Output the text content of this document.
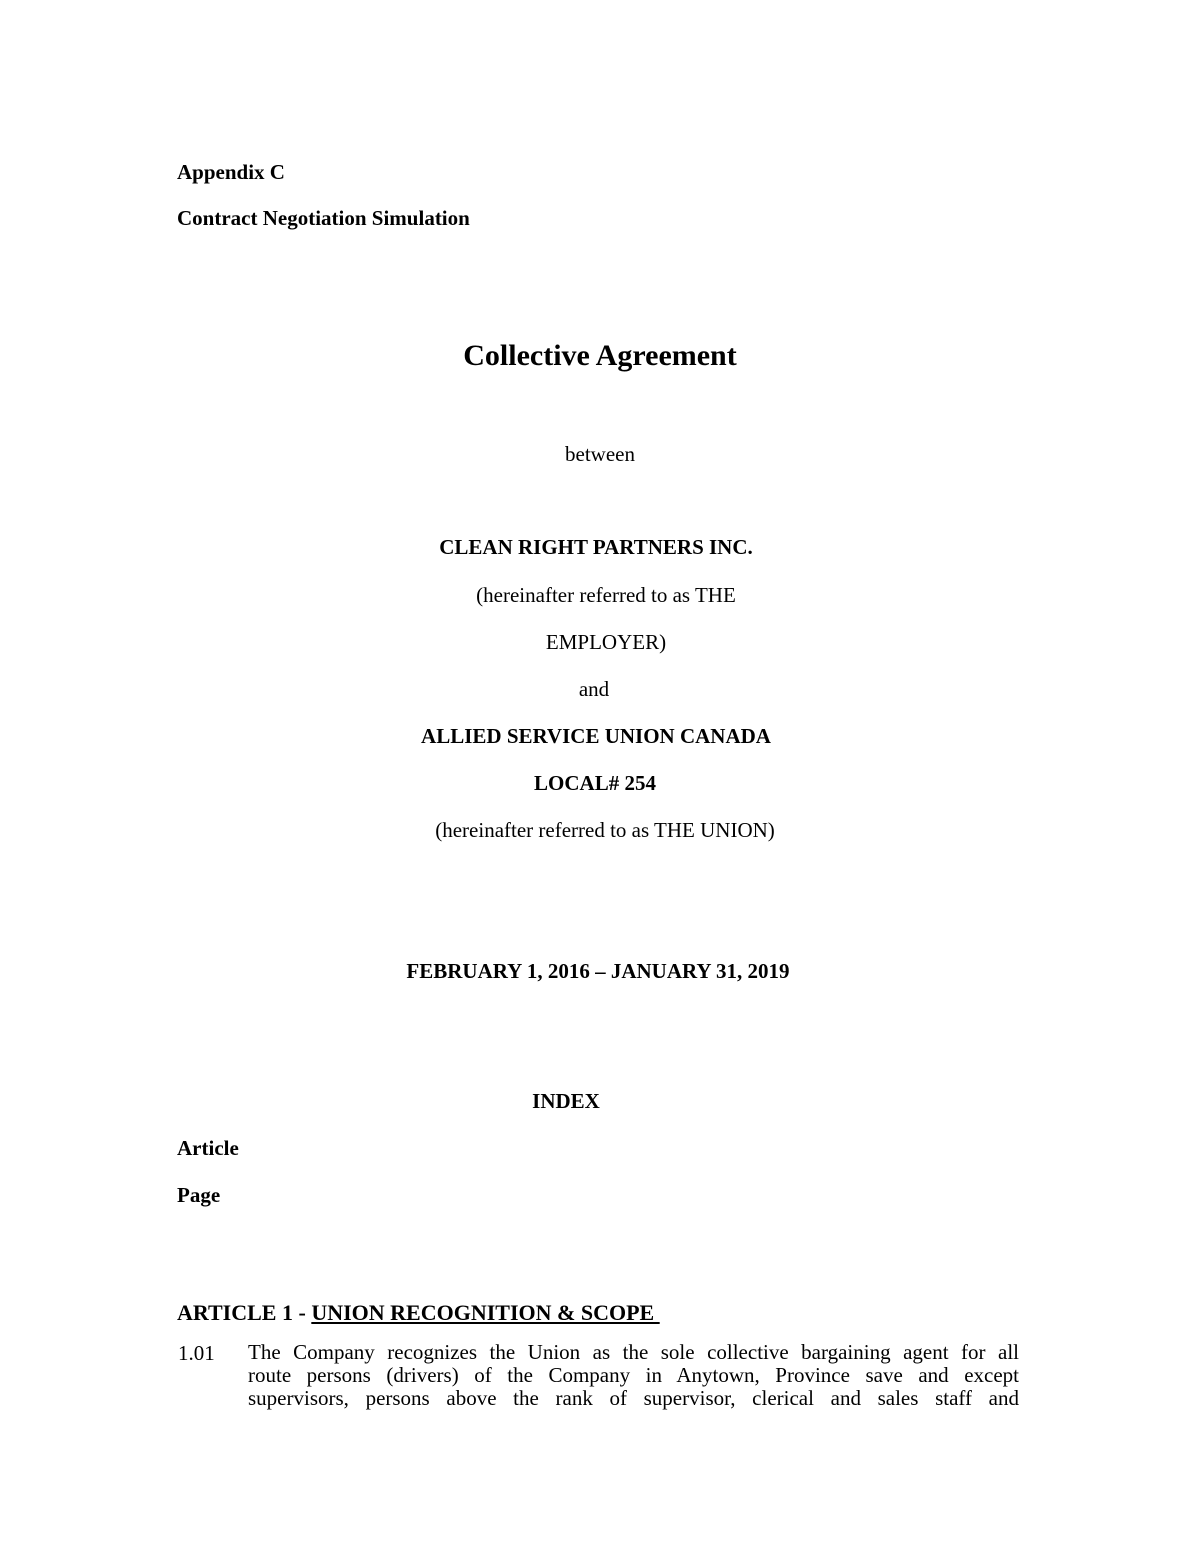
Appendix C
Contract Negotiation Simulation
Collective Agreement
between
CLEAN RIGHT PARTNERS INC.
(hereinafter referred to as THE
EMPLOYER)
and
ALLIED SERVICE UNION CANADA
LOCAL# 254
(hereinafter referred to as THE UNION)
FEBRUARY 1, 2016 – JANUARY 31, 2019
INDEX
Article
Page
ARTICLE 1 - UNION RECOGNITION & SCOPE
1.01 The Company recognizes the Union as the sole collective bargaining agent for all
route persons (drivers) of the Company in Anytown, Province save and except
supervisors, persons above the rank of supervisor, clerical and sales staff and
